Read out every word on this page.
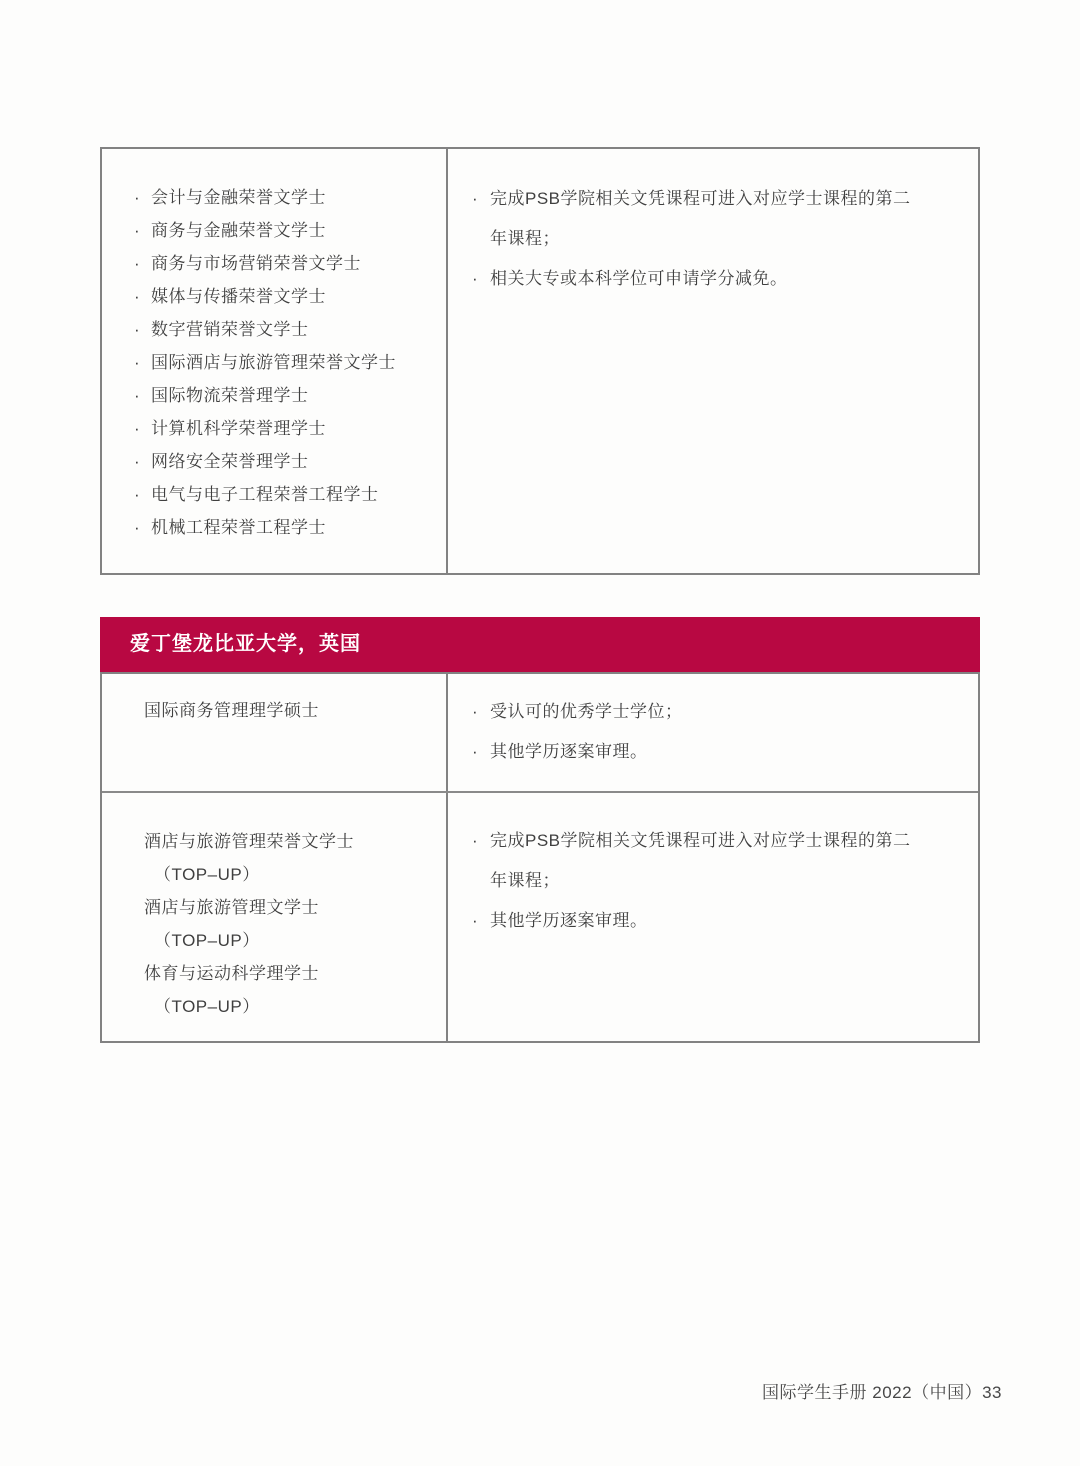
· 会计与金融荣誉文学士
· 商务与金融荣誉文学士
· 商务与市场营销荣誉文学士
· 媒体与传播荣誉文学士
· 数字营销荣誉文学士
· 国际酒店与旅游管理荣誉文学士
· 国际物流荣誉理学士
· 计算机科学荣誉理学士
· 网络安全荣誉理学士
· 电气与电子工程荣誉工程学士
· 机械工程荣誉工程学士
· 完成PSB学院相关文凭课程可进入对应学士课程的第二
年课程；
· 相关大专或本科学位可申请学分减免。
爱丁堡龙比亚大学，英国
国际商务管理理学硕士	· 受认可的优秀学士学位；
· 其他学历逐案审理。
酒店与旅游管理荣誉文学士
（TOP–UP）
酒店与旅游管理文学士
（TOP–UP）
体育与运动科学理学士
（TOP–UP）
· 完成PSB学院相关文凭课程可进入对应学士课程的第二
年课程；
· 其他学历逐案审理。
国际学生手册 2022（中国）33
